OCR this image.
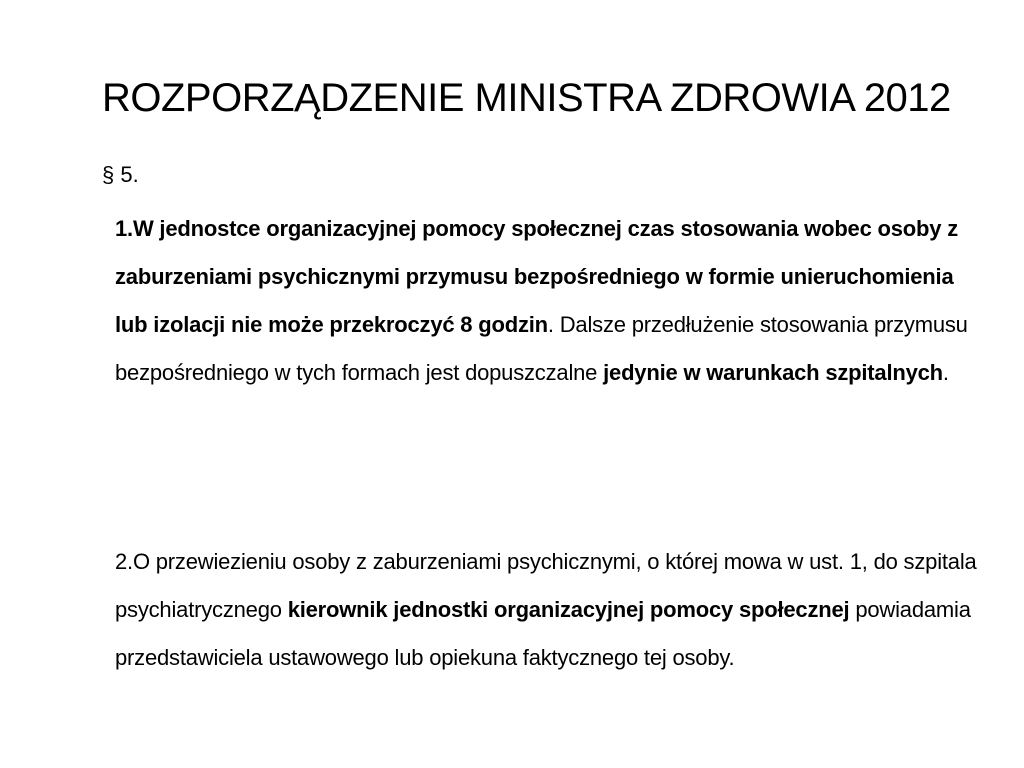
ROZPORZĄDZENIE MINISTRA ZDROWIA 2012
§ 5.

1.W jednostce organizacyjnej pomocy społecznej czas stosowania wobec osoby z zaburzeniami psychicznymi przymusu bezpośredniego w formie unieruchomienia lub izolacji nie może przekroczyć 8 godzin. Dalsze przedłużenie stosowania przymusu bezpośredniego w tych formach jest dopuszczalne jedynie w warunkach szpitalnych.

2.O przewiezieniu osoby z zaburzeniami psychicznymi, o której mowa w ust. 1, do szpitala psychiatrycznego kierownik jednostki organizacyjnej pomocy społecznej powiadamia przedstawiciela ustawowego lub opiekuna faktycznego tej osoby.
